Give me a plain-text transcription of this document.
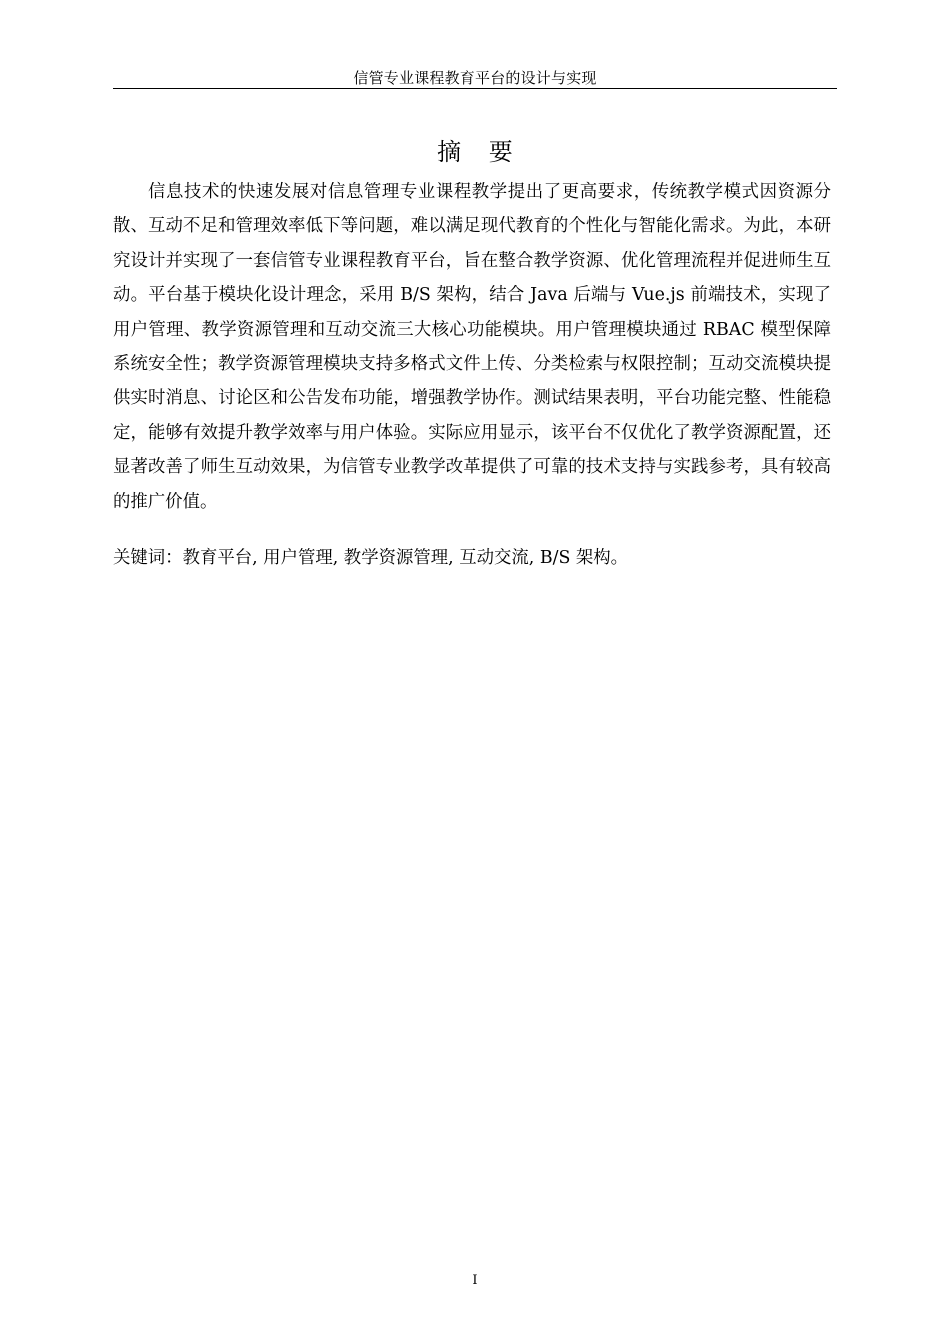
信管专业课程教育平台的设计与实现
摘 要

信息技术的快速发展对信息管理专业课程教学提出了更高要求，传统教学模式因资源分散、互动不足和管理效率低下等问题，难以满足现代教育的个性化与智能化需求。为此，本研究设计并实现了一套信管专业课程教育平台，旨在整合教学资源、优化管理流程并促进师生互动。平台基于模块化设计理念，采用 B/S 架构，结合 Java 后端与 Vue.js 前端技术，实现了用户管理、教学资源管理和互动交流三大核心功能模块。用户管理模块通过 RBAC 模型保障系统安全性；教学资源管理模块支持多格式文件上传、分类检索与权限控制；互动交流模块提供实时消息、讨论区和公告发布功能，增强教学协作。测试结果表明，平台功能完整、性能稳定，能够有效提升教学效率与用户体验。实际应用显示，该平台不仅优化了教学资源配置，还显著改善了师生互动效果，为信管专业教学改革提供了可靠的技术支持与实践参考，具有较高的推广价值。

关键词：教育平台, 用户管理, 教学资源管理, 互动交流, B/S 架构。

I
